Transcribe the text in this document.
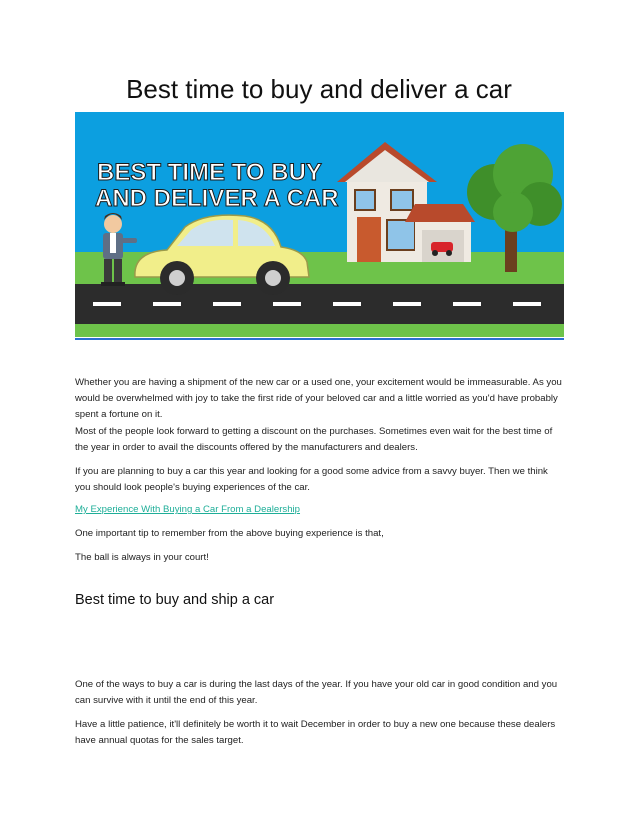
Best time to buy and deliver a car
BEST TIME TO BUY
AND DELIVER A CAR

Whether you are having a shipment of the new car or a used one, your excitement would be immeasurable. As you would be overwhelmed with joy to take the first ride of your beloved car and a little worried as you'd have probably spent a fortune on it.

Most of the people look forward to getting a discount on the purchases. Sometimes even wait for the best time of the year in order to avail the discounts offered by the manufacturers and dealers.

If you are planning to buy a car this year and looking for a good some advice from a savvy buyer. Then we think you should look people's buying experiences of the car.

My Experience With Buying a Car From a Dealership

One important tip to remember from the above buying experience is that,

The ball is always in your court!

Best time to buy and ship a car

One of the ways to buy a car is during the last days of the year. If you have your old car in good condition and you can survive with it until the end of this year.

Have a little patience, it'll definitely be worth it to wait December in order to buy a new one because these dealers have annual quotas for the sales target.
